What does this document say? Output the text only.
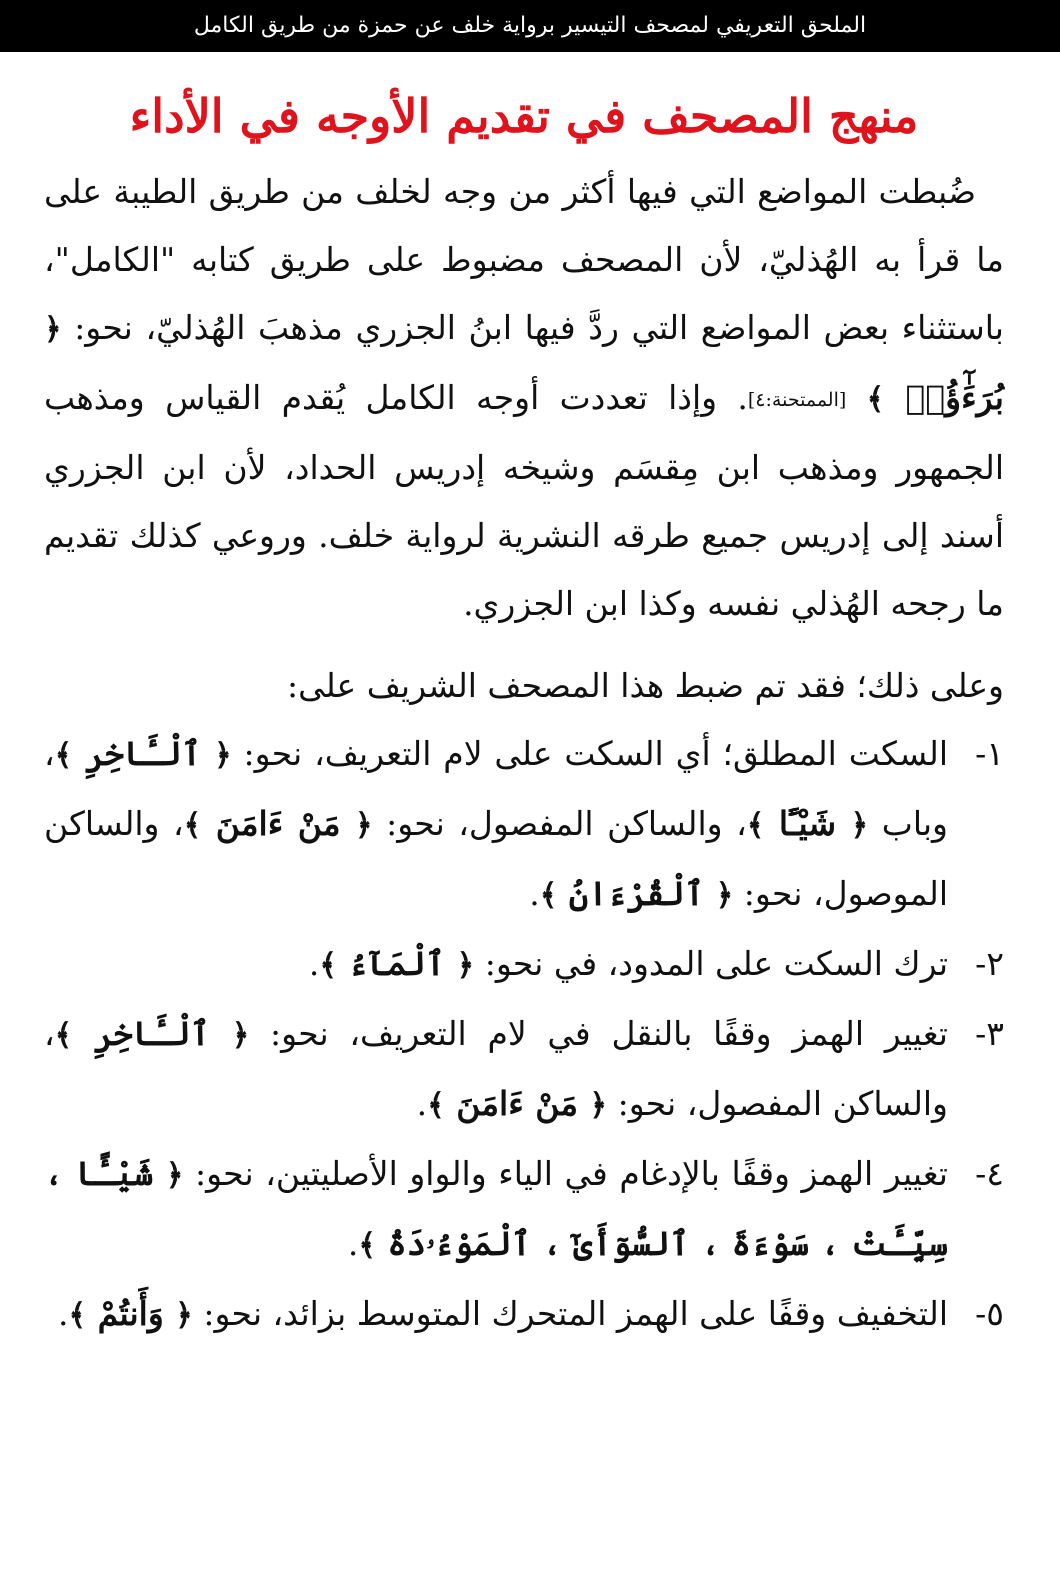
الملحق التعريفي لمصحف التيسير برواية خلف عن حمزة من طريق الكامل
منهج المصحف في تقديم الأوجه في الأداء

ضُبطت المواضع التي فيها أكثر من وجه لخلف من طريق الطيبة على ما قرأ به الهُذليّ، لأن المصحف مضبوط على طريق كتابه "الكامل"، باستثناء بعض المواضع التي ردَّ فيها ابنُ الجزري مذهبَ الهُذليّ، نحو: ﴿ بُرَءَٰٓؤُا۟ ﴾ [الممتحنة:٤]. وإذا تعددت أوجه الكامل يُقدم القياس ومذهب الجمهور ومذهب ابن مِقسَم وشيخه إدريس الحداد، لأن ابن الجزري أسند إلى إدريس جميع طرقه النشرية لرواية خلف. وروعي كذلك تقديم ما رجحه الهُذلي نفسه وكذا ابن الجزري.

وعلى ذلك؛ فقد تم ضبط هذا المصحف الشريف على:

١-
السكت المطلق؛ أي السكت على لام التعريف، نحو: ﴿ ٱلْـَٔاخِرِ ﴾، وباب ﴿ شَيْـًٔا ﴾، والساكن المفصول، نحو: ﴿ مَنْ ءَامَنَ ﴾، والساكن الموصول، نحو: ﴿ ٱلْقُرْءَانُ ﴾.
٢-
ترك السكت على المدود، في نحو: ﴿ ٱلْمَآءُ ﴾.
٣-
تغيير الهمز وقفًا بالنقل في لام التعريف، نحو: ﴿ ٱلْـَٔاخِرِ ﴾، والساكن المفصول، نحو: ﴿ مَنْ ءَامَنَ ﴾.
٤-
تغيير الهمز وقفًا بالإدغام في الياء والواو الأصليتين، نحو: ﴿ شَيْـًٔا ، سِيِّـَٔتْ ، سَوْءَةَ ، ٱلسُّوٓأَىٰٓ ، ٱلْمَوْءُۥدَةُ ﴾.
٥-
التخفيف وقفًا على الهمز المتحرك المتوسط بزائد، نحو: ﴿ وَأَنتُمْ ﴾.
